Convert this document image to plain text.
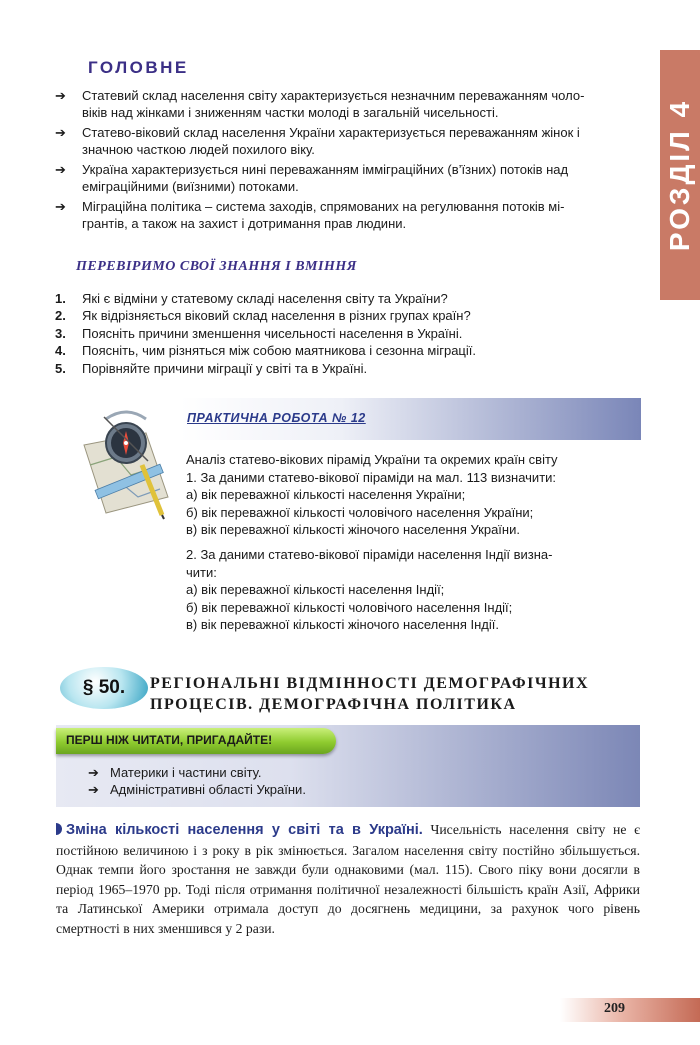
РОЗДІЛ 4
ГОЛОВНЕ
➔ Статевий склад населення світу характеризується незначним переважанням чоло-
віків над жінками і зниженням частки молоді в загальній чисельності.
➔ Статево-віковий склад населення України характеризується переважанням жінок і
значною часткою людей похилого віку.
➔ Україна характеризується нині переважанням імміграційних (в’їзних) потоків над
еміграційними (виїзними) потоками.
➔ Міграційна політика – система заходів, спрямованих на регулювання потоків мі-
грантів, а також на захист і дотримання прав людини.
ПЕРЕВІРИМО СВОЇ ЗНАННЯ І ВМІННЯ
1. Які є відміни у статевому складі населення світу та України?
2. Як відрізняється віковий склад населення в різних групах країн?
3. Поясніть причини зменшення чисельності населення в Україні.
4. Поясніть, чим різняться між собою маятникова і сезонна міграції.
5. Порівняйте причини міграції у світі та в Україні.
ПРАКТИЧНА РОБОТА № 12
Аналіз статево-вікових пірамід України та окремих країн світу
1. За даними статево-вікової піраміди на мал. 113 визначити:
а) вік переважної кількості населення України;
б) вік переважної кількості чоловічого населення України;
в) вік переважної кількості жіночого населення України.
2. За даними статево-вікової піраміди населення Індії визна-
чити:
а) вік переважної кількості населення Індії;
б) вік переважної кількості чоловічого населення Індії;
в) вік переважної кількості жіночого населення Індії.
§ 50. РЕГІОНАЛЬНІ ВІДМІННОСТІ ДЕМОГРАФІЧНИХ
ПРОЦЕСІВ. ДЕМОГРАФІЧНА ПОЛІТИКА
ПЕРШ НІЖ ЧИТАТИ, ПРИГАДАЙТЕ!
➔ Материки і частини світу.
➔ Адміністративні області України.
Зміна кількості населення у світі та в Україні. Чисельність населення світу не є постійною величиною і з року в рік змінюється. Загалом населення світу постійно збільшується. Однак темпи його зростання не завжди були однаковими (мал. 115). Свого піку вони досягли в період 1965–1970 рр. Тоді після отримання політичної незалежності більшість країн Азії, Африки та Латинської Америки отримала доступ до досягнень медицини, за рахунок чого рівень смертності в них зменшився у 2 рази.
209
